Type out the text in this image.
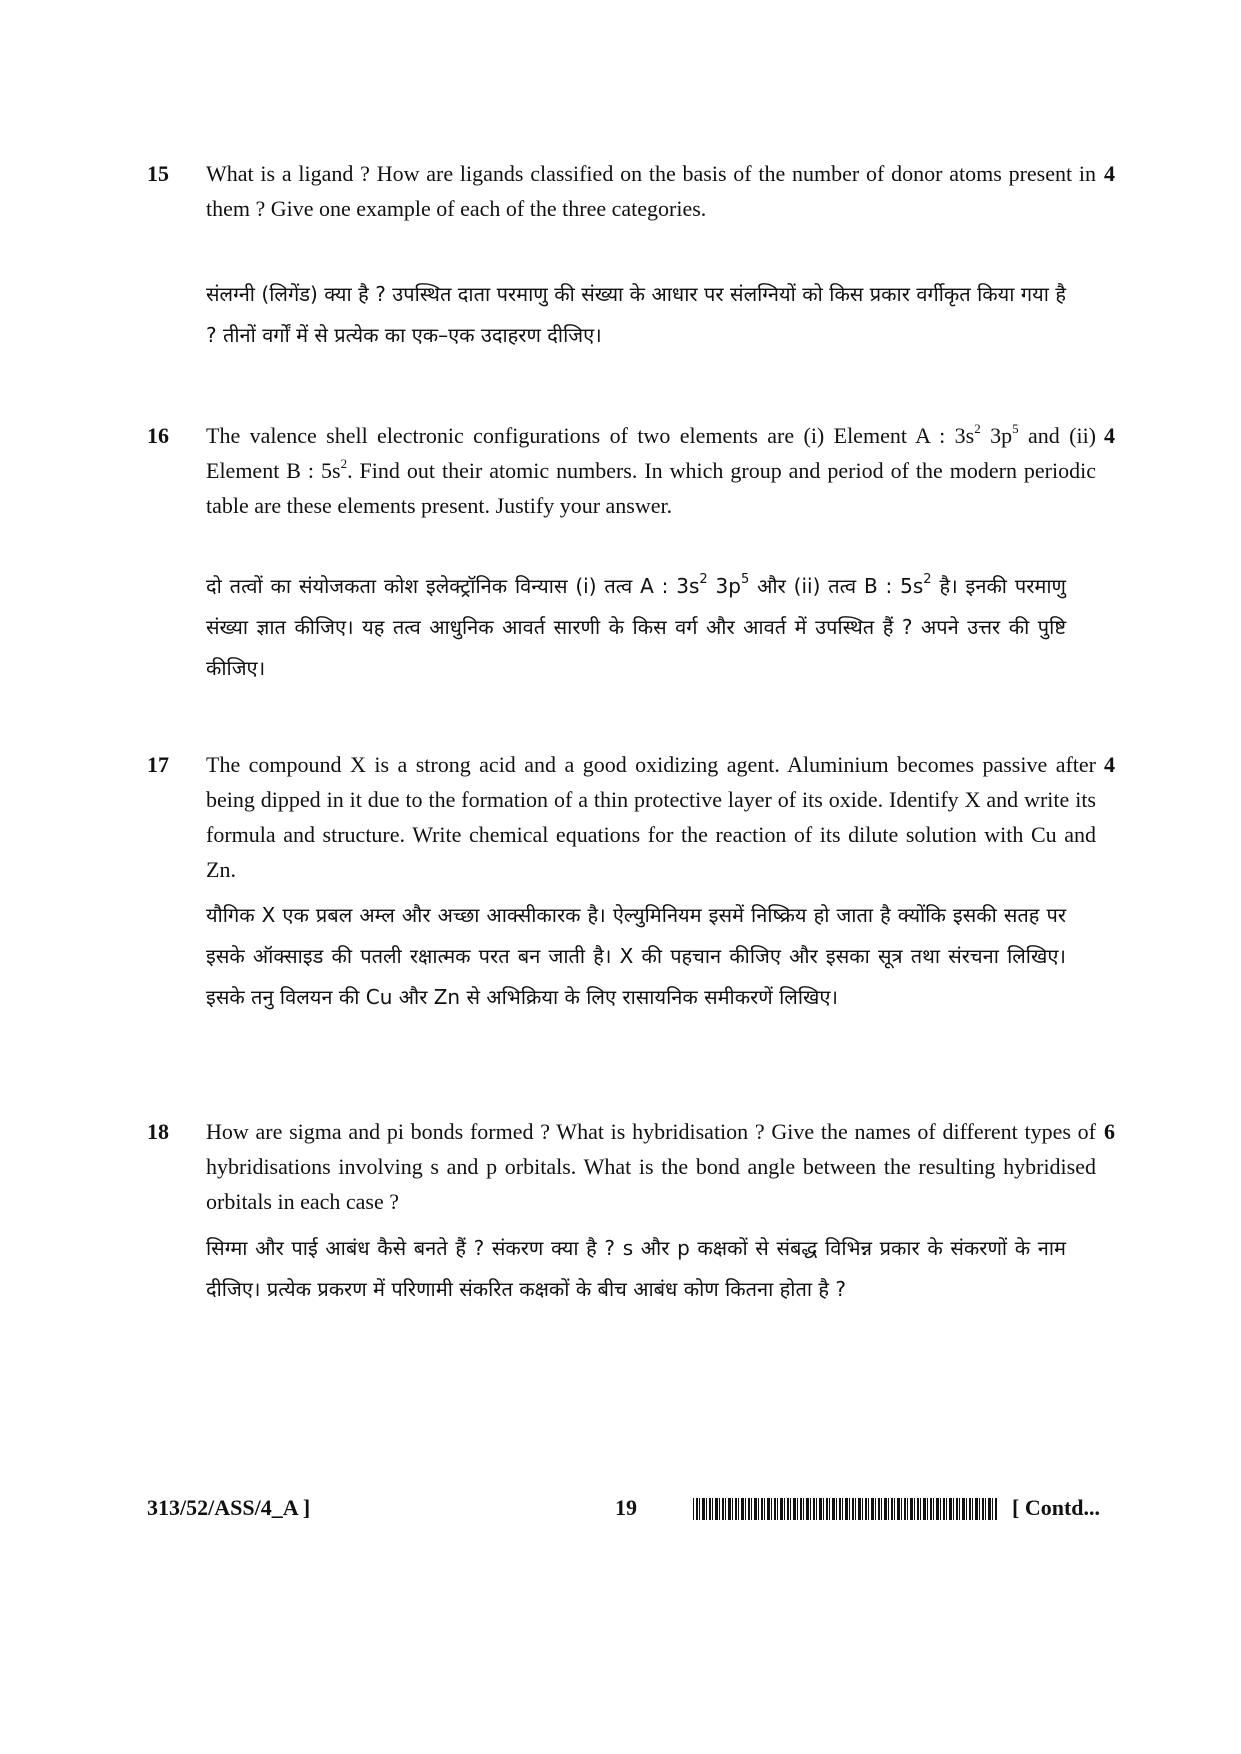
15 What is a ligand ? How are ligands classified on the basis of the number of donor atoms present in them ? Give one example of each of the three categories.

4

संलग्नी (लिगेंड) क्या है ? उपस्थित दाता परमाणु की संख्या के आधार पर संलग्नियों को किस प्रकार वर्गीकृत किया गया है ? तीनों वर्गों में से प्रत्येक का एक–एक उदाहरण दीजिए।

16 The valence shell electronic configurations of two elements are (i) Element A : $3s^2$ $3p^5$ and (ii) Element B : $5s^2$. Find out their atomic numbers. In which group and period of the modern periodic table are these elements present. Justify your answer.

4

दो तत्वों का संयोजकता कोश इलेक्ट्रॉनिक विन्यास (i) तत्व A : $3s^2$ $3p^5$ और (ii) तत्व B : $5s^2$ है। इनकी परमाणु संख्या ज्ञात कीजिए। यह तत्व आधुनिक आवर्त सारणी के किस वर्ग और आवर्त में उपस्थित हैं ? अपने उत्तर की पुष्टि कीजिए।

17 The compound X is a strong acid and a good oxidizing agent. Aluminium becomes passive after being dipped in it due to the formation of a thin protective layer of its oxide. Identify X and write its formula and structure. Write chemical equations for the reaction of its dilute solution with Cu and Zn.

4

यौगिक X एक प्रबल अम्ल और अच्छा आक्सीकारक है। ऐल्युमिनियम इसमें निष्क्रिय हो जाता है क्योंकि इसकी सतह पर इसके ऑक्साइड की पतली रक्षात्मक परत बन जाती है। X की पहचान कीजिए और इसका सूत्र तथा संरचना लिखिए। इसके तनु विलयन की Cu और Zn से अभिक्रिया के लिए रासायनिक समीकरणें लिखिए।

18 How are sigma and pi bonds formed ? What is hybridisation ? Give the names of different types of hybridisations involving s and p orbitals. What is the bond angle between the resulting hybridised orbitals in each case ?

6

सिग्मा और पाई आबंध कैसे बनते हैं ? संकरण क्या है ? s और p कक्षकों से संबद्ध विभिन्न प्रकार के संकरणों के नाम दीजिए। प्रत्येक प्रकरण में परिणामी संकरित कक्षकों के बीच आबंध कोण कितना होता है ?

313/52/ASS/4_A ]	19	[ Contd...
